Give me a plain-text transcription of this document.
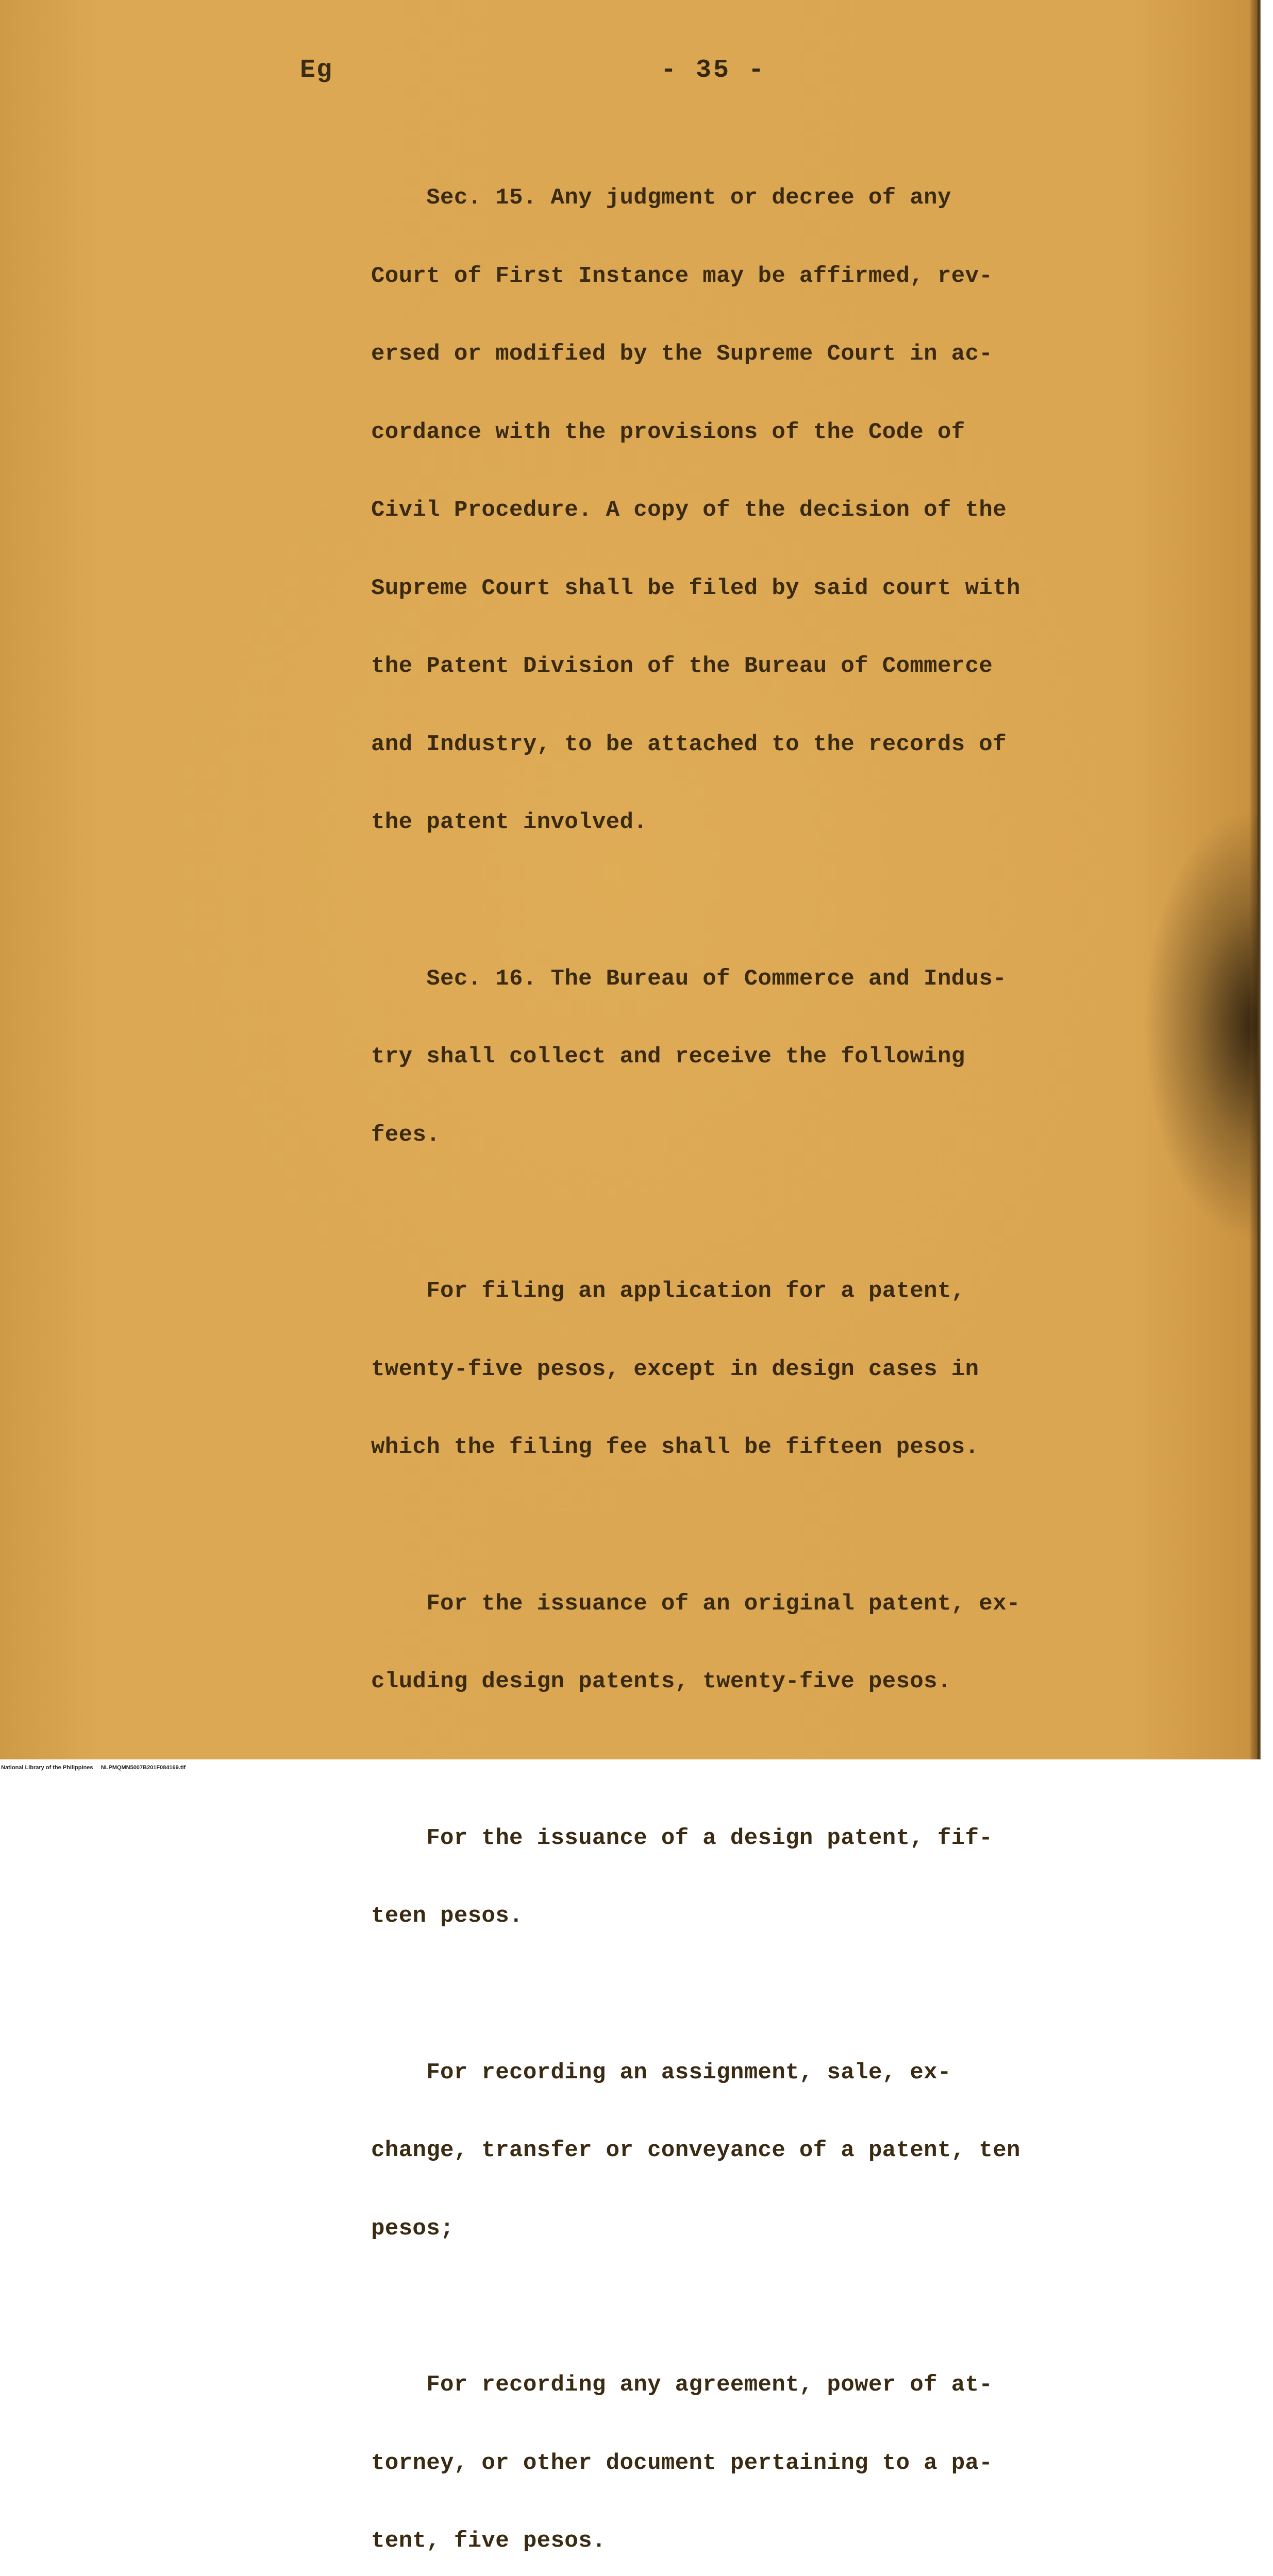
Eg	- 35 -

Sec. 15. Any judgment or decree of any

Court of First Instance may be affirmed, rev-

ersed or modified by the Supreme Court in ac-

cordance with the provisions of the Code of

Civil Procedure. A copy of the decision of the

Supreme Court shall be filed by said court with

the Patent Division of the Bureau of Commerce

and Industry, to be attached to the records of

the patent involved.

Sec. 16. The Bureau of Commerce and Indus-

try shall collect and receive the following

fees.

For filing an application for a patent,

twenty-five pesos, except in design cases in

which the filing fee shall be fifteen pesos.

For the issuance of an original patent, ex-

cluding design patents, twenty-five pesos.

For the issuance of a design patent, fif-

teen pesos.

For recording an assignment, sale, ex-

change, transfer or conveyance of a patent, ten

pesos;

For recording any agreement, power of at-

torney, or other document pertaining to a pa-

tent, five pesos.

National Library of the Philippines     NLPMQMN5007B201F084169.tif
